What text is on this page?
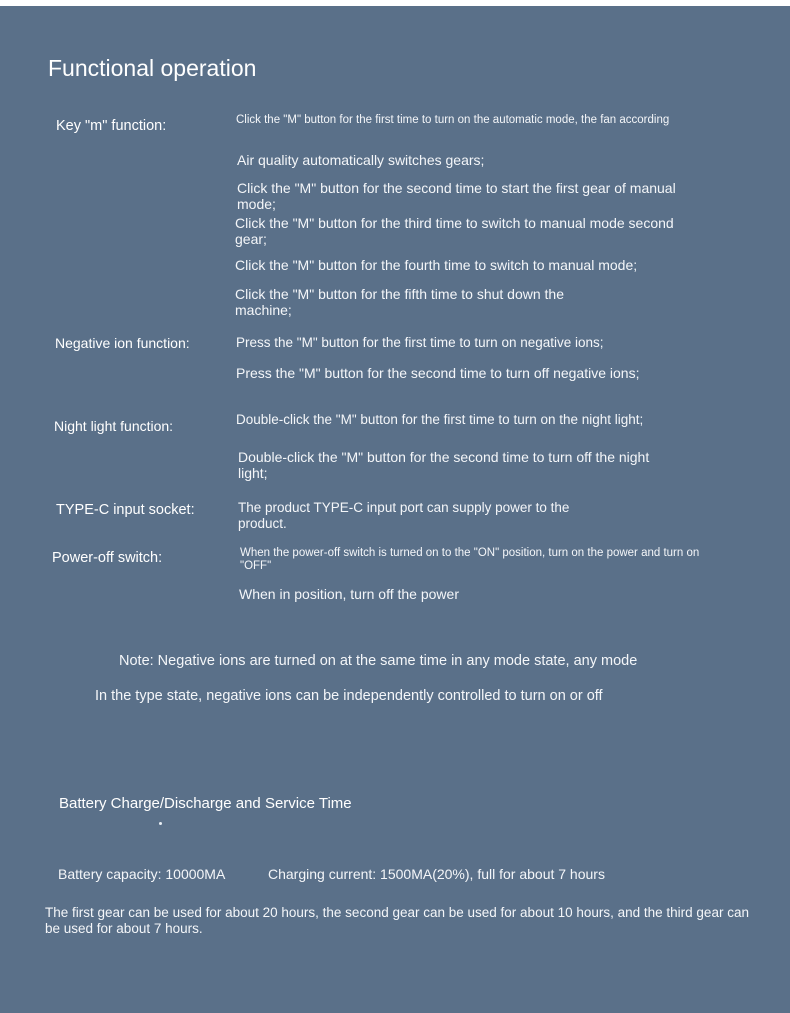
Functional operation
Key "m" function:	Click the "M" button for the first time to turn on the automatic mode, the fan according
Air quality automatically switches gears;
Click the "M" button for the second time to start the first gear of manual mode;
Click the "M" button for the third time to switch to manual mode second gear;
Click the "M" button for the fourth time to switch to manual mode;
Click the "M" button for the fifth time to shut down the machine;
Negative ion function:	Press the "M" button for the first time to turn on negative ions;
Press the "M" button for the second time to turn off negative ions;
Night light function:	Double-click the "M" button for the first time to turn on the night light;
Double-click the "M" button for the second time to turn off the night light;
TYPE-C input socket:	The product TYPE-C input port can supply power to the product.
Power-off switch:	When the power-off switch is turned on to the "ON" position, turn on the power and turn on "OFF"
When in position, turn off the power
Note: Negative ions are turned on at the same time in any mode state, any mode
In the type state, negative ions can be independently controlled to turn on or off
Battery Charge/Discharge and Service Time
Battery capacity: 10000MA	Charging current: 1500MA(20%), full for about 7 hours
The first gear can be used for about 20 hours, the second gear can be used for about 10 hours, and the third gear can be used for about 7 hours.
